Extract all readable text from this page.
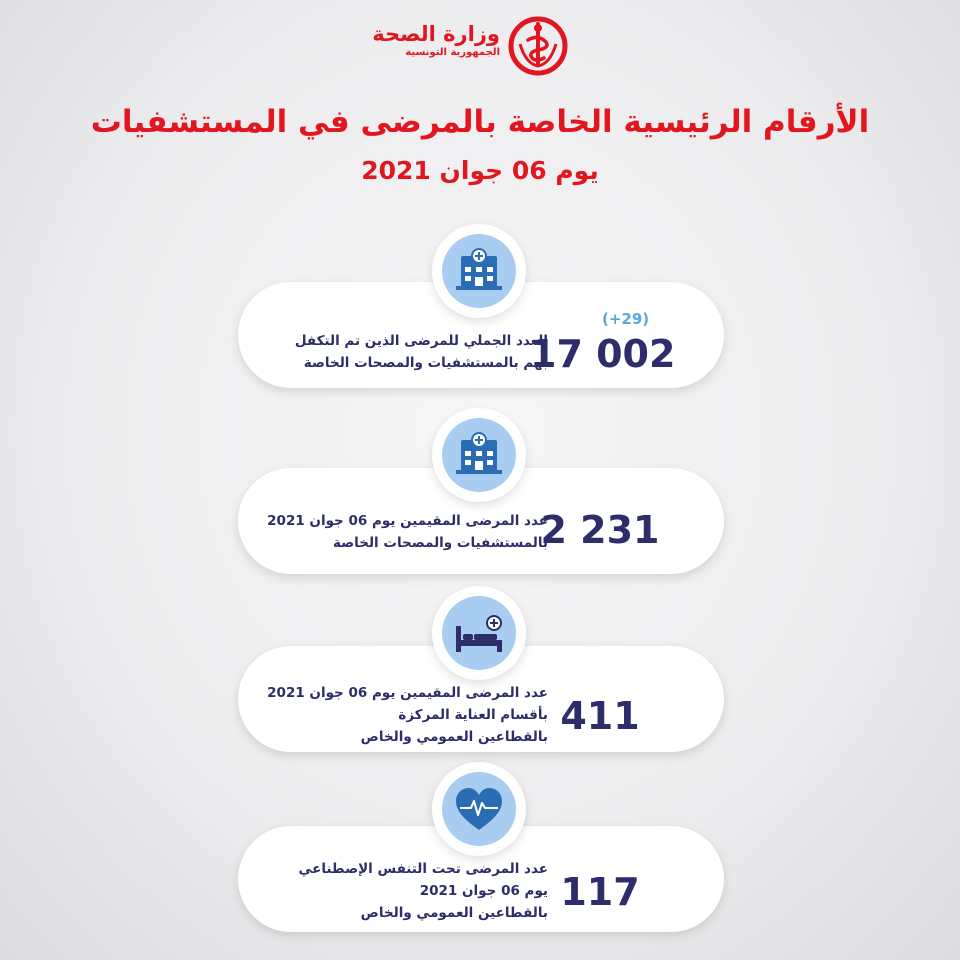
وزارة الصحة
الجمهورية التونسية
الأرقام الرئيسية الخاصة بالمرضى في المستشفيات
يوم 06 جوان 2021
(+29)
17 002
العدد الجملي للمرضى الذين تم التكفل
بهم بالمستشفيات والمصحات الخاصة
2 231
عدد المرضى المقيمين يوم 06 جوان 2021
بالمستشفيات والمصحات الخاصة
411
عدد المرضى المقيمين يوم 06 جوان 2021
بأقسام العناية المركزة
بالقطاعين العمومي والخاص
117
عدد المرضى تحت التنفس الإصطناعي
يوم 06 جوان 2021
بالقطاعين العمومي والخاص
